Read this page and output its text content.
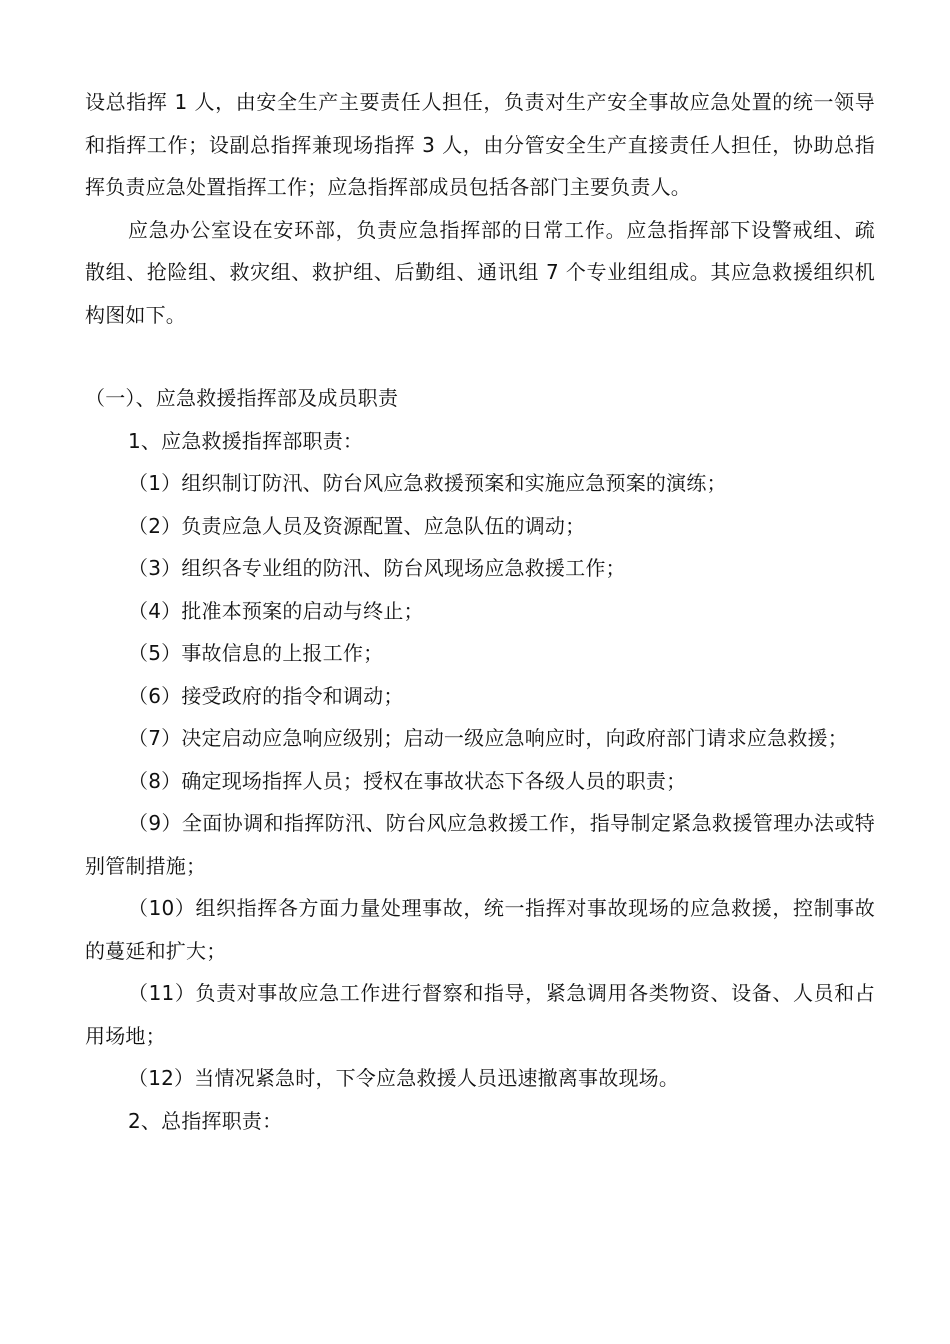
设总指挥 1 人，由安全生产主要责任人担任，负责对生产安全事故应急处置的统一领导和指挥工作；设副总指挥兼现场指挥 3 人，由分管安全生产直接责任人担任，协助总指挥负责应急处置指挥工作；应急指挥部成员包括各部门主要负责人。

应急办公室设在安环部，负责应急指挥部的日常工作。应急指挥部下设警戒组、疏散组、抢险组、救灾组、救护组、后勤组、通讯组 7 个专业组组成。其应急救援组织机构图如下。

（一）、应急救援指挥部及成员职责

1、应急救援指挥部职责：

（1）组织制订防汛、防台风应急救援预案和实施应急预案的演练；

（2）负责应急人员及资源配置、应急队伍的调动；

（3）组织各专业组的防汛、防台风现场应急救援工作；

（4）批准本预案的启动与终止；

（5）事故信息的上报工作；

（6）接受政府的指令和调动；

（7）决定启动应急响应级别；启动一级应急响应时，向政府部门请求应急救援；

（8）确定现场指挥人员；授权在事故状态下各级人员的职责；

（9）全面协调和指挥防汛、防台风应急救援工作，指导制定紧急救援管理办法或特别管制措施；

（10）组织指挥各方面力量处理事故，统一指挥对事故现场的应急救援，控制事故的蔓延和扩大；

（11）负责对事故应急工作进行督察和指导，紧急调用各类物资、设备、人员和占用场地；

（12）当情况紧急时，下令应急救援人员迅速撤离事故现场。

2、总指挥职责：
